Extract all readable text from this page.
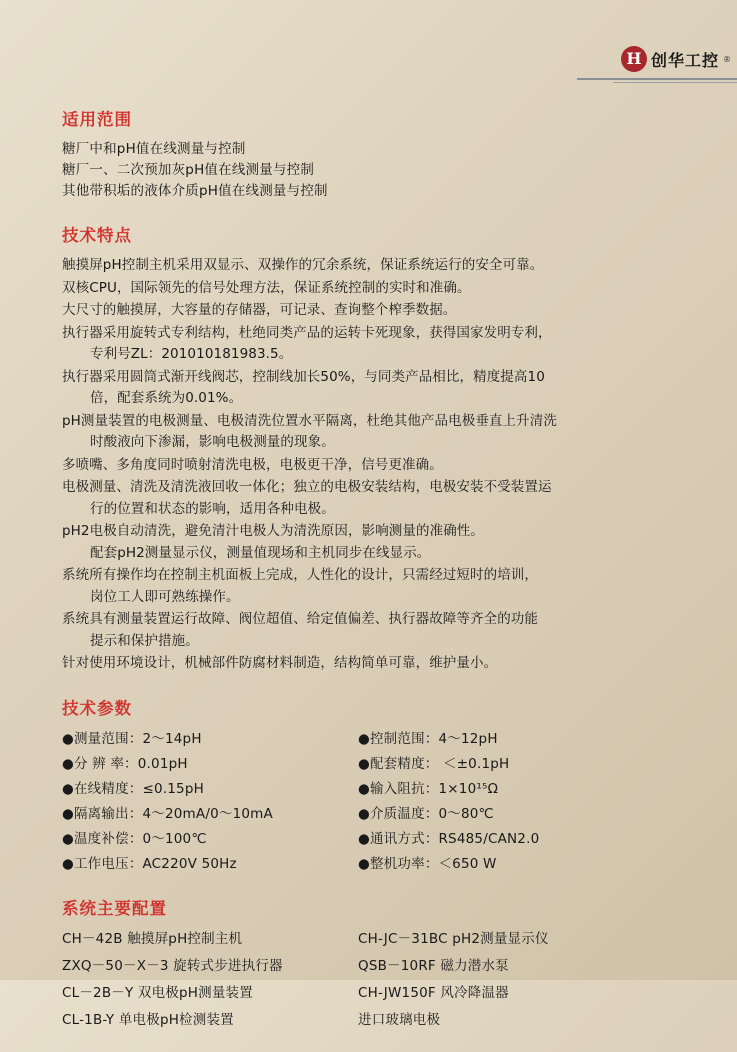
H 创华工控 ®
适用范围

糖厂中和pH值在线测量与控制

糖厂一、二次预加灰pH值在线测量与控制

其他带积垢的液体介质pH值在线测量与控制

技术特点
触摸屏pH控制主机采用双显示、双操作的冗余系统，保证系统运行的安全可靠。
双核CPU，国际领先的信号处理方法，保证系统控制的实时和准确。
大尺寸的触摸屏，大容量的存储器，可记录、查询整个榨季数据。
执行器采用旋转式专利结构，杜绝同类产品的运转卡死现象，获得国家发明专利，
专利号ZL：201010181983.5。
执行器采用圆筒式渐开线阀芯，控制线加长50%，与同类产品相比，精度提高10
倍，配套系统为0.01%。
pH测量装置的电极测量、电极清洗位置水平隔离，杜绝其他产品电极垂直上升清洗
时酸液向下渗漏，影响电极测量的现象。
多喷嘴、多角度同时喷射清洗电极，电极更干净，信号更准确。
电极测量、清洗及清洗液回收一体化；独立的电极安装结构，电极安装不受装置运
行的位置和状态的影响，适用各种电极。
pH2电极自动清洗，避免清汁电极人为清洗原因，影响测量的准确性。
配套pH2测量显示仪，测量值现场和主机同步在线显示。
系统所有操作均在控制主机面板上完成，人性化的设计，只需经过短时的培训，
岗位工人即可熟练操作。
系统具有测量装置运行故障、阀位超值、给定值偏差、执行器故障等齐全的功能
提示和保护措施。
针对使用环境设计，机械部件防腐材料制造，结构简单可靠，维护量小。
技术参数
●测量范围：2～14pH	●控制范围：4～12pH
●分 辨 率：0.01pH	●配套精度： ＜±0.1pH
●在线精度：≤0.15pH	●输入阻抗：1×10¹⁵Ω
●隔离输出：4～20mA/0～10mA	●介质温度：0～80℃
●温度补偿：0～100℃	●通讯方式：RS485/CAN2.0
●工作电压：AC220V 50Hz	●整机功率：＜650 W
系统主要配置
CH－42B 触摸屏pH控制主机	CH-JC－31BC pH2测量显示仪
ZXQ－50－X－3 旋转式步进执行器	QSB－10RF 磁力潜水泵
CL－2B－Y 双电极pH测量装置	CH-JW150F 风冷降温器
CL-1B-Y 单电极pH检测装置	进口玻璃电极
